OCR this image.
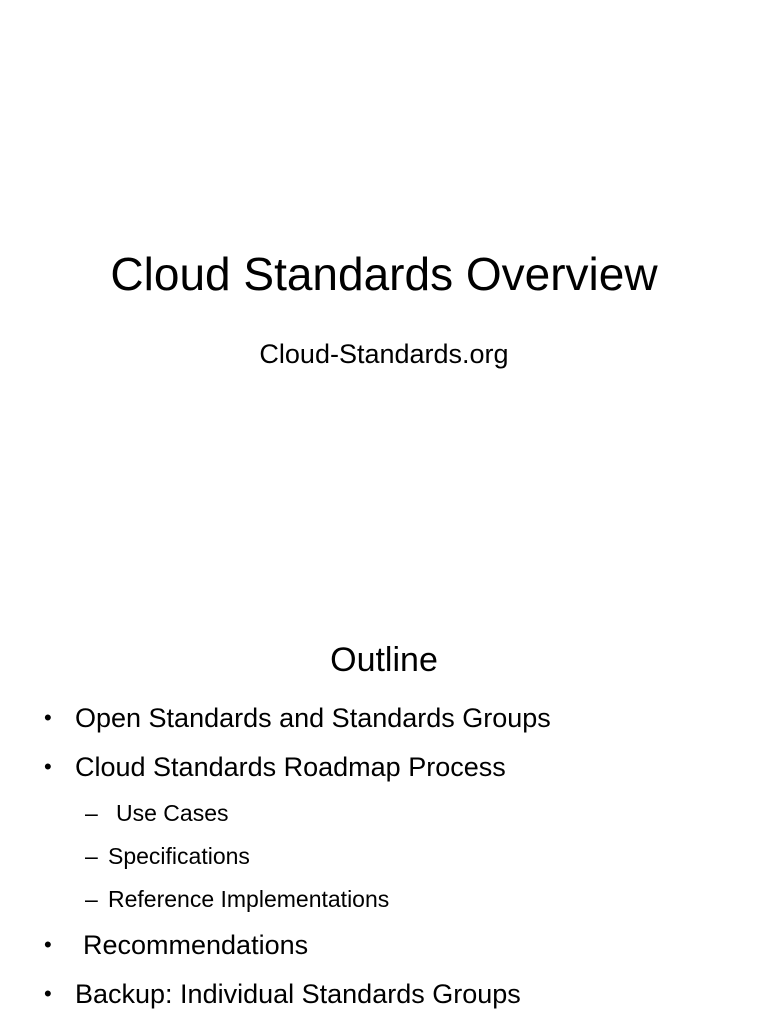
Cloud Standards Overview
Cloud-Standards.org
Outline
• Open Standards and Standards Groups
• Cloud Standards Roadmap Process
– Use Cases
– Specifications
– Reference Implementations
• Recommendations
• Backup: Individual Standards Groups
